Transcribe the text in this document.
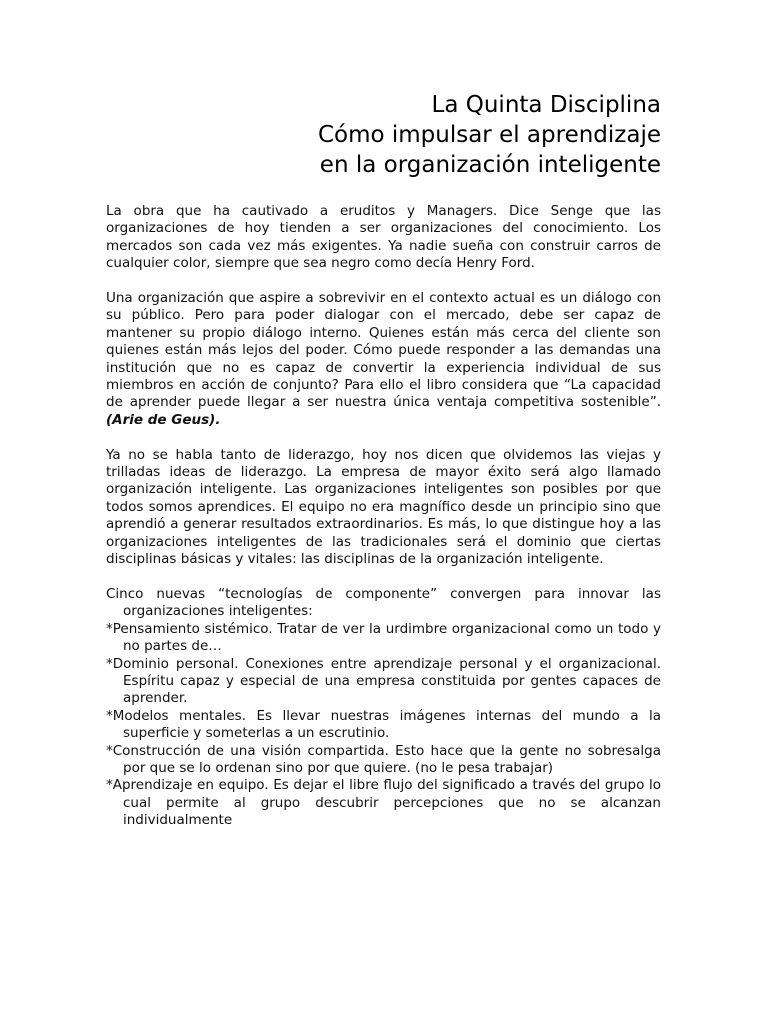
La Quinta Disciplina
Cómo impulsar el aprendizaje
en la organización inteligente

La obra que ha cautivado a eruditos y Managers. Dice Senge que las organizaciones de hoy tienden a ser organizaciones del conocimiento. Los mercados son cada vez más exigentes. Ya nadie sueña con construir carros de cualquier color, siempre que sea negro como decía Henry Ford.

Una organización que aspire a sobrevivir en el contexto actual es un diálogo con su público. Pero para poder dialogar con el mercado, debe ser capaz de mantener su propio diálogo interno. Quienes están más cerca del cliente son quienes están más lejos del poder. Cómo puede responder a las demandas una institución que no es capaz de convertir la experiencia individual de sus miembros en acción de conjunto? Para ello el libro considera que “La capacidad de aprender puede llegar a ser nuestra única ventaja competitiva sostenible”. (Arie de Geus).

Ya no se habla tanto de liderazgo, hoy nos dicen que olvidemos las viejas y trilladas ideas de liderazgo. La empresa de mayor éxito será algo llamado organización inteligente. Las organizaciones inteligentes son posibles por que todos somos aprendices. El equipo no era magnífico desde un principio sino que aprendió a generar resultados extraordinarios. Es más, lo que distingue hoy a las organizaciones inteligentes de las tradicionales será el dominio que ciertas disciplinas básicas y vitales: las disciplinas de la organización inteligente.

Cinco nuevas “tecnologías de componente” convergen para innovar las organizaciones inteligentes:

*Pensamiento sistémico. Tratar de ver la urdimbre organizacional como un todo y no partes de…
*Dominio personal. Conexiones entre aprendizaje personal y el organizacional. Espíritu capaz y especial de una empresa constituida por gentes capaces de aprender.
*Modelos mentales. Es llevar nuestras imágenes internas del mundo a la superficie y someterlas a un escrutinio.
*Construcción de una visión compartida. Esto hace que la gente no sobresalga por que se lo ordenan sino por que quiere. (no le pesa trabajar)
*Aprendizaje en equipo. Es dejar el libre flujo del significado a través del grupo lo cual permite al grupo descubrir percepciones que no se alcanzan individualmente
